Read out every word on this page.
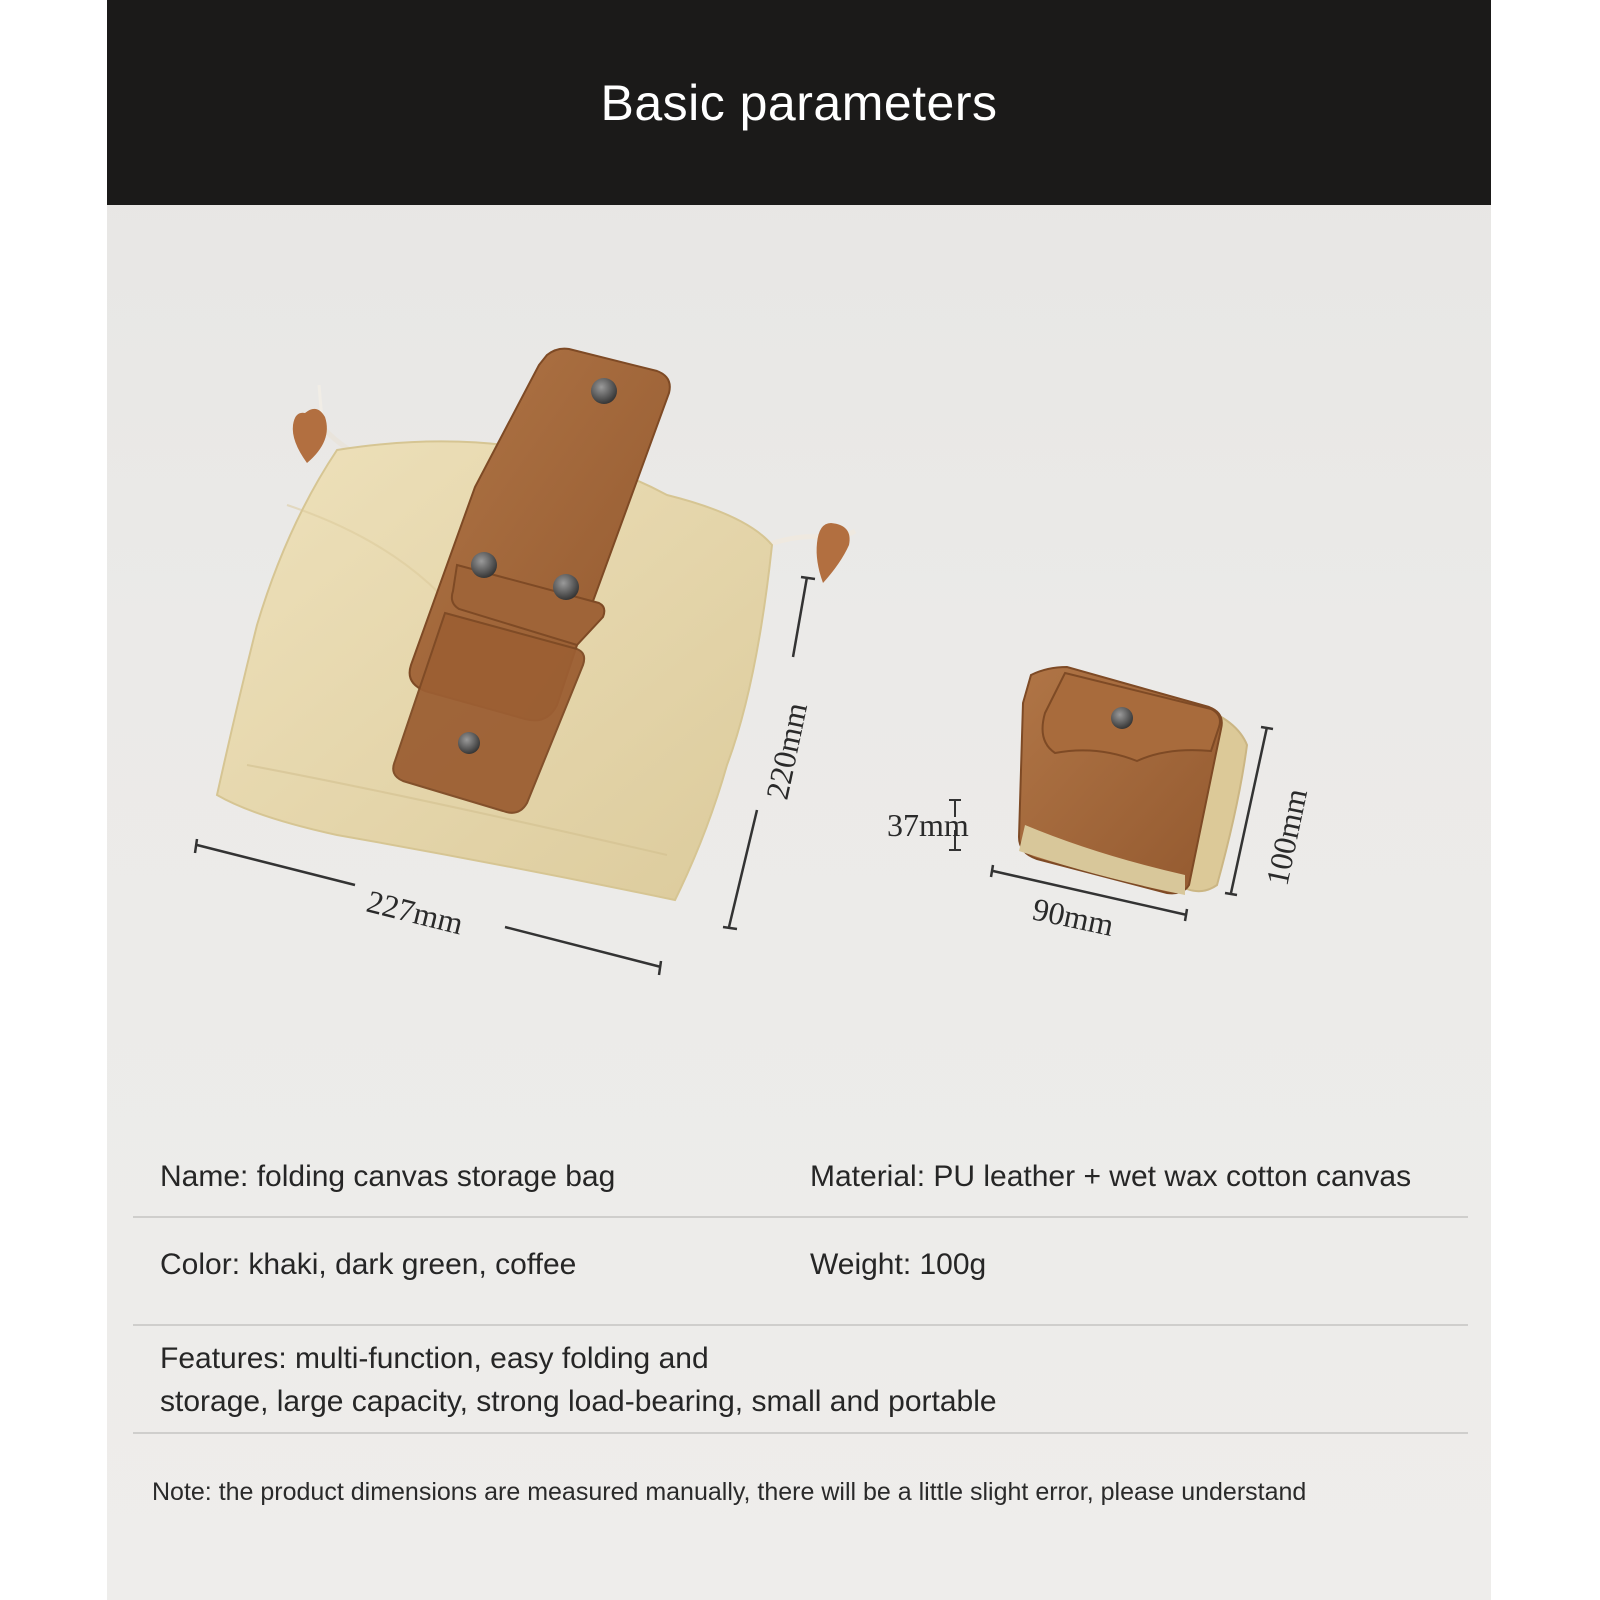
Basic parameters
227mm
220mm
37mm
90mm
100mm
Name: folding canvas storage bag	Material: PU leather + wet wax cotton canvas
Color: khaki, dark green, coffee	Weight: 100g
Features: multi-function, easy folding and
storage, large capacity, strong load-bearing, small and portable
Note: the product dimensions are measured manually, there will be a little slight error, please understand
